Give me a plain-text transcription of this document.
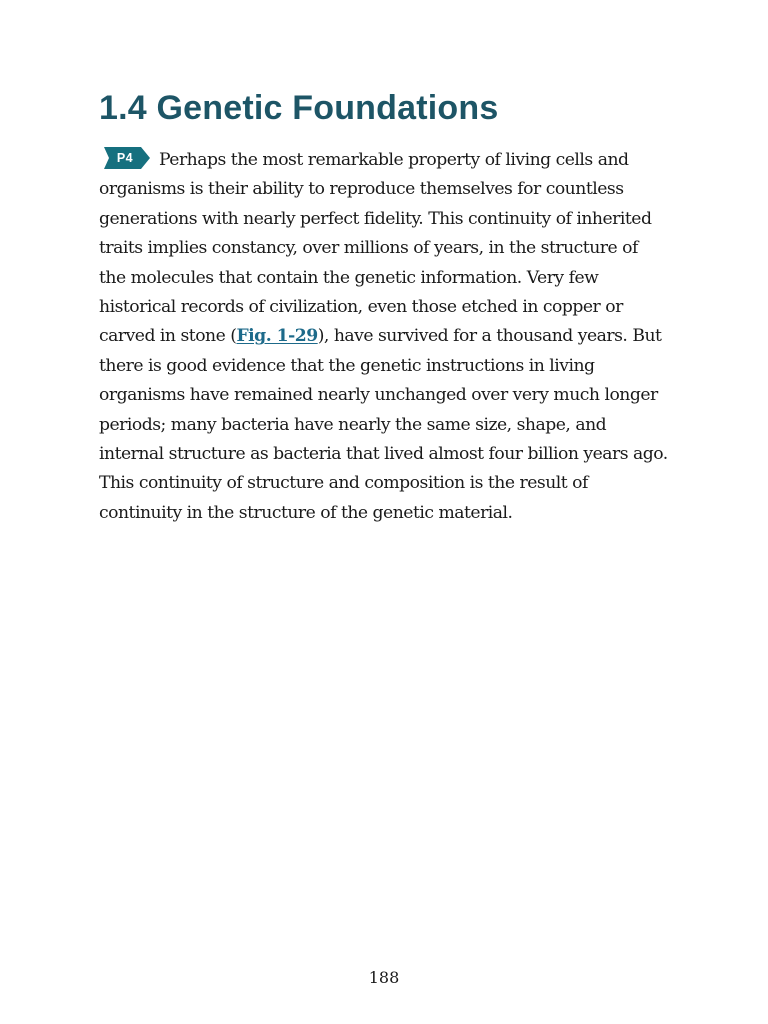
1.4 Genetic Foundations

P4	Perhaps the most remarkable property of living cells and organisms is their ability to reproduce themselves for countless generations with nearly perfect fidelity. This continuity of inherited traits implies constancy, over millions of years, in the structure of the molecules that contain the genetic information. Very few historical records of civilization, even those etched in copper or carved in stone (Fig. 1-29), have survived for a thousand years. But there is good evidence that the genetic instructions in living organisms have remained nearly unchanged over very much longer periods; many bacteria have nearly the same size, shape, and internal structure as bacteria that lived almost four billion years ago. This continuity of structure and composition is the result of continuity in the structure of the genetic material.

188
